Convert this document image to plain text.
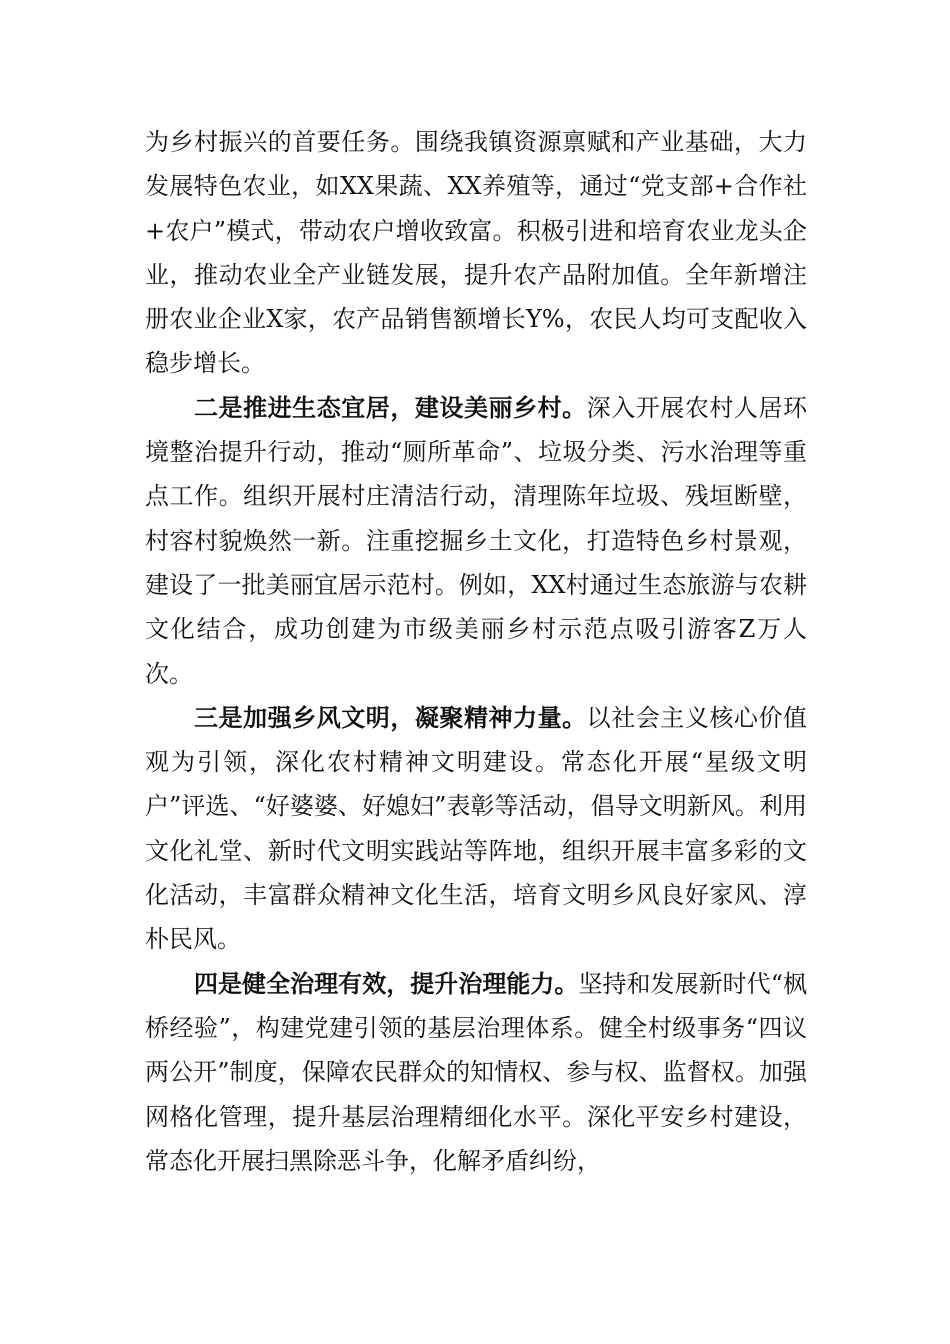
为乡村振兴的首要任务。围绕我镇资源禀赋和产业基础，大力发展特色农业，如XX果蔬、XX养殖等，通过“党支部+合作社+农户”模式，带动农户增收致富。积极引进和培育农业龙头企业，推动农业全产业链发展，提升农产品附加值。全年新增注册农业企业X家，农产品销售额增长Y%，农民人均可支配收入稳步增长。

二是推进生态宜居，建设美丽乡村。深入开展农村人居环境整治提升行动，推动“厕所革命”、垃圾分类、污水治理等重点工作。组织开展村庄清洁行动，清理陈年垃圾、残垣断壁，村容村貌焕然一新。注重挖掘乡土文化，打造特色乡村景观，建设了一批美丽宜居示范村。例如，XX村通过生态旅游与农耕文化结合，成功创建为市级美丽乡村示范点吸引游客Z万人次。

三是加强乡风文明，凝聚精神力量。以社会主义核心价值观为引领，深化农村精神文明建设。常态化开展“星级文明户”评选、“好婆婆、好媳妇”表彰等活动，倡导文明新风。利用文化礼堂、新时代文明实践站等阵地，组织开展丰富多彩的文化活动，丰富群众精神文化生活，培育文明乡风良好家风、淳朴民风。

四是健全治理有效，提升治理能力。坚持和发展新时代“枫桥经验”，构建党建引领的基层治理体系。健全村级事务“四议两公开”制度，保障农民群众的知情权、参与权、监督权。加强网格化管理，提升基层治理精细化水平。深化平安乡村建设，常态化开展扫黑除恶斗争，化解矛盾纠纷，
